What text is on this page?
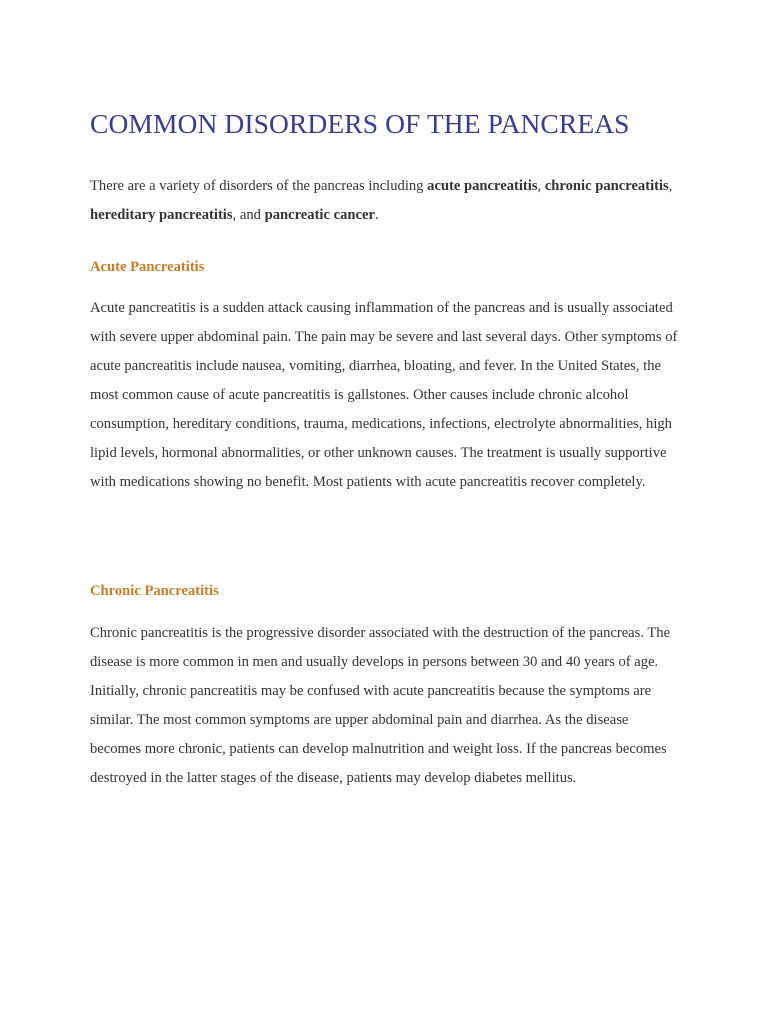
COMMON DISORDERS OF THE PANCREAS

There are a variety of disorders of the pancreas including acute pancreatitis, chronic pancreatitis, hereditary pancreatitis, and pancreatic cancer.

Acute Pancreatitis

Acute pancreatitis is a sudden attack causing inflammation of the pancreas and is usually associated with severe upper abdominal pain. The pain may be severe and last several days. Other symptoms of acute pancreatitis include nausea, vomiting, diarrhea, bloating, and fever. In the United States, the most common cause of acute pancreatitis is gallstones. Other causes include chronic alcohol consumption, hereditary conditions, trauma, medications, infections, electrolyte abnormalities, high lipid levels, hormonal abnormalities, or other unknown causes. The treatment is usually supportive with medications showing no benefit. Most patients with acute pancreatitis recover completely.

Chronic Pancreatitis

Chronic pancreatitis is the progressive disorder associated with the destruction of the pancreas. The disease is more common in men and usually develops in persons between 30 and 40 years of age. Initially, chronic pancreatitis may be confused with acute pancreatitis because the symptoms are similar. The most common symptoms are upper abdominal pain and diarrhea. As the disease becomes more chronic, patients can develop malnutrition and weight loss. If the pancreas becomes destroyed in the latter stages of the disease, patients may develop diabetes mellitus.
